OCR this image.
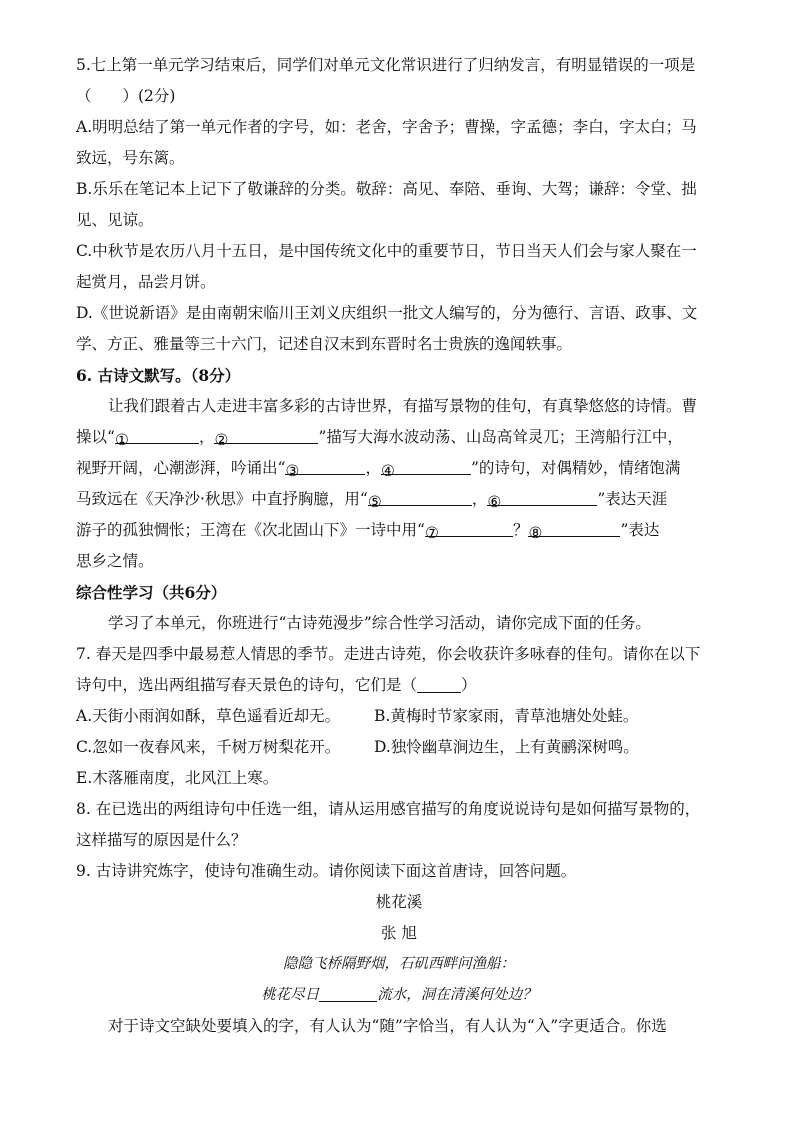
5.七上第一单元学习结束后，同学们对单元文化常识进行了归纳发言，有明显错误的一项是
（　　）(2分)
A.明明总结了第一单元作者的字号，如：老舍，字舍予；曹操，字孟德；李白，字太白；马
致远，号东篱。
B.乐乐在笔记本上记下了敬谦辞的分类。敬辞：高见、奉陪、垂询、大驾；谦辞：令堂、拙
见、见谅。
C.中秋节是农历八月十五日，是中国传统文化中的重要节日，节日当天人们会与家人聚在一
起赏月，品尝月饼。
D.《世说新语》是由南朝宋临川王刘义庆组织一批文人编写的，分为德行、言语、政事、文
学、方正、雅量等三十六门，记述自汉末到东晋时名士贵族的逸闻轶事。
6. 古诗文默写。（8分）
让我们跟着古人走进丰富多彩的古诗世界，有描写景物的佳句，有真挚悠悠的诗情。曹
操以“①	，②	”描写大海水波动荡、山岛高耸灵兀；王湾船行江中，
视野开阔，心潮澎湃，吟诵出“③	，④	”的诗句，对偶精妙，情绪饱满
马致远在《天净沙·秋思》中直抒胸臆，用“⑤	，⑥	”表达天涯
游子的孤独惆怅；王湾在《次北固山下》一诗中用“⑦	？⑧	”表达
思乡之情。
综合性学习（共6分）
学习了本单元，你班进行“古诗苑漫步”综合性学习活动，请你完成下面的任务。
7. 春天是四季中最易惹人情思的季节。走进古诗苑，你会收获许多咏春的佳句。请你在以下
诗句中，选出两组描写春天景色的诗句，它们是（	）
A.天街小雨润如酥，草色遥看近却无。 B.黄梅时节家家雨，青草池塘处处蛙。
C.忽如一夜春风来，千树万树梨花开。 D.独怜幽草涧边生，上有黄鹂深树鸣。
E.木落雁南度，北风江上寒。
8. 在已选出的两组诗句中任选一组，请从运用感官描写的角度说说诗句是如何描写景物的，
这样描写的原因是什么？
9. 古诗讲究炼字，使诗句准确生动。请你阅读下面这首唐诗，回答问题。
桃花溪
张 旭
隐隐飞桥隔野烟，石矶西畔问渔船：
桃花尽日	流水，洞在清溪何处边？
对于诗文空缺处要填入的字，有人认为“随”字恰当，有人认为“入”字更适合。你选
